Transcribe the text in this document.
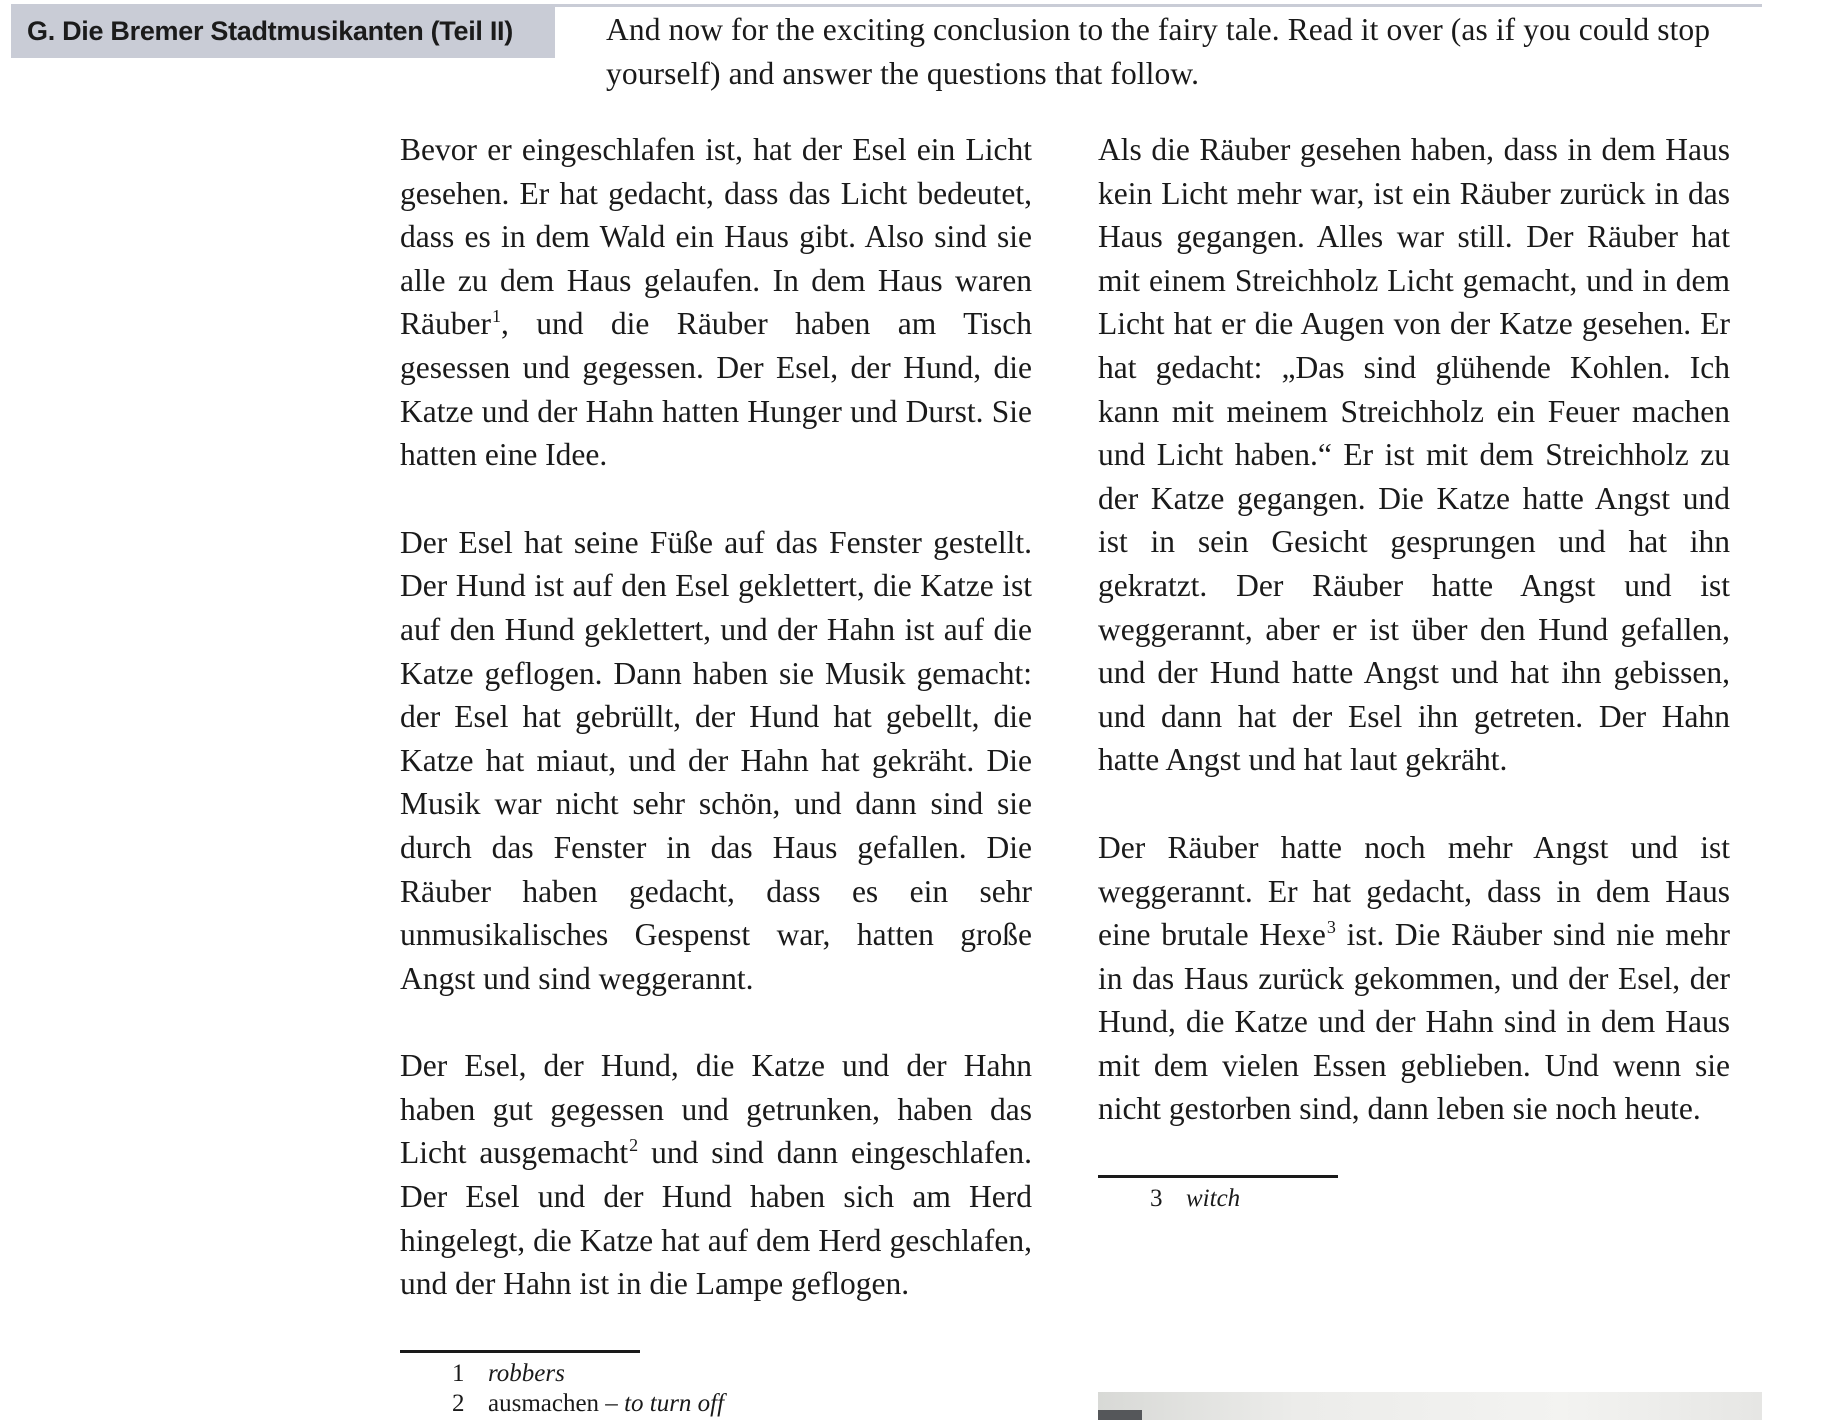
G. Die Bremer Stadtmusikanten (Teil II)	And now for the exciting conclusion to the fairy tale. Read it over (as if you could stop yourself) and answer the questions that follow.

Bevor er eingeschlafen ist, hat der Esel ein Licht gesehen. Er hat gedacht, dass das Licht bedeutet, dass es in dem Wald ein Haus gibt. Also sind sie alle zu dem Haus gelaufen. In dem Haus waren Räuber$^1$, und die Räuber haben am Tisch gesessen und gegessen. Der Esel, der Hund, die Katze und der Hahn hatten Hunger und Durst. Sie hatten eine Idee.

Der Esel hat seine Füße auf das Fenster gestellt. Der Hund ist auf den Esel geklettert, die Katze ist auf den Hund geklettert, und der Hahn ist auf die Katze geflogen. Dann haben sie Musik gemacht: der Esel hat gebrüllt, der Hund hat gebellt, die Katze hat miaut, und der Hahn hat gekräht. Die Musik war nicht sehr schön, und dann sind sie durch das Fenster in das Haus gefallen. Die Räuber haben gedacht, dass es ein sehr unmusikalisches Gespenst war, hatten große Angst und sind weggerannt.

Der Esel, der Hund, die Katze und der Hahn haben gut gegessen und getrunken, haben das Licht ausgemacht$^2$ und sind dann eingeschlafen. Der Esel und der Hund haben sich am Herd hingelegt, die Katze hat auf dem Herd geschlafen, und der Hahn ist in die Lampe geflogen.

1 robbers

2 ausmachen – to turn off

Als die Räuber gesehen haben, dass in dem Haus kein Licht mehr war, ist ein Räuber zurück in das Haus gegangen. Alles war still. Der Räuber hat mit einem Streichholz Licht gemacht, und in dem Licht hat er die Augen von der Katze gesehen. Er hat gedacht: „Das sind glühende Kohlen. Ich kann mit meinem Streichholz ein Feuer machen und Licht haben.“ Er ist mit dem Streichholz zu der Katze gegangen. Die Katze hatte Angst und ist in sein Gesicht gesprungen und hat ihn gekratzt. Der Räuber hatte Angst und ist weggerannt, aber er ist über den Hund gefallen, und der Hund hatte Angst und hat ihn gebissen, und dann hat der Esel ihn getreten. Der Hahn hatte Angst und hat laut gekräht.

Der Räuber hatte noch mehr Angst und ist weggerannt. Er hat gedacht, dass in dem Haus eine brutale Hexe$^3$ ist. Die Räuber sind nie mehr in das Haus zurück gekommen, und der Esel, der Hund, die Katze und der Hahn sind in dem Haus mit dem vielen Essen geblieben. Und wenn sie nicht gestorben sind, dann leben sie noch heute.

3 witch
